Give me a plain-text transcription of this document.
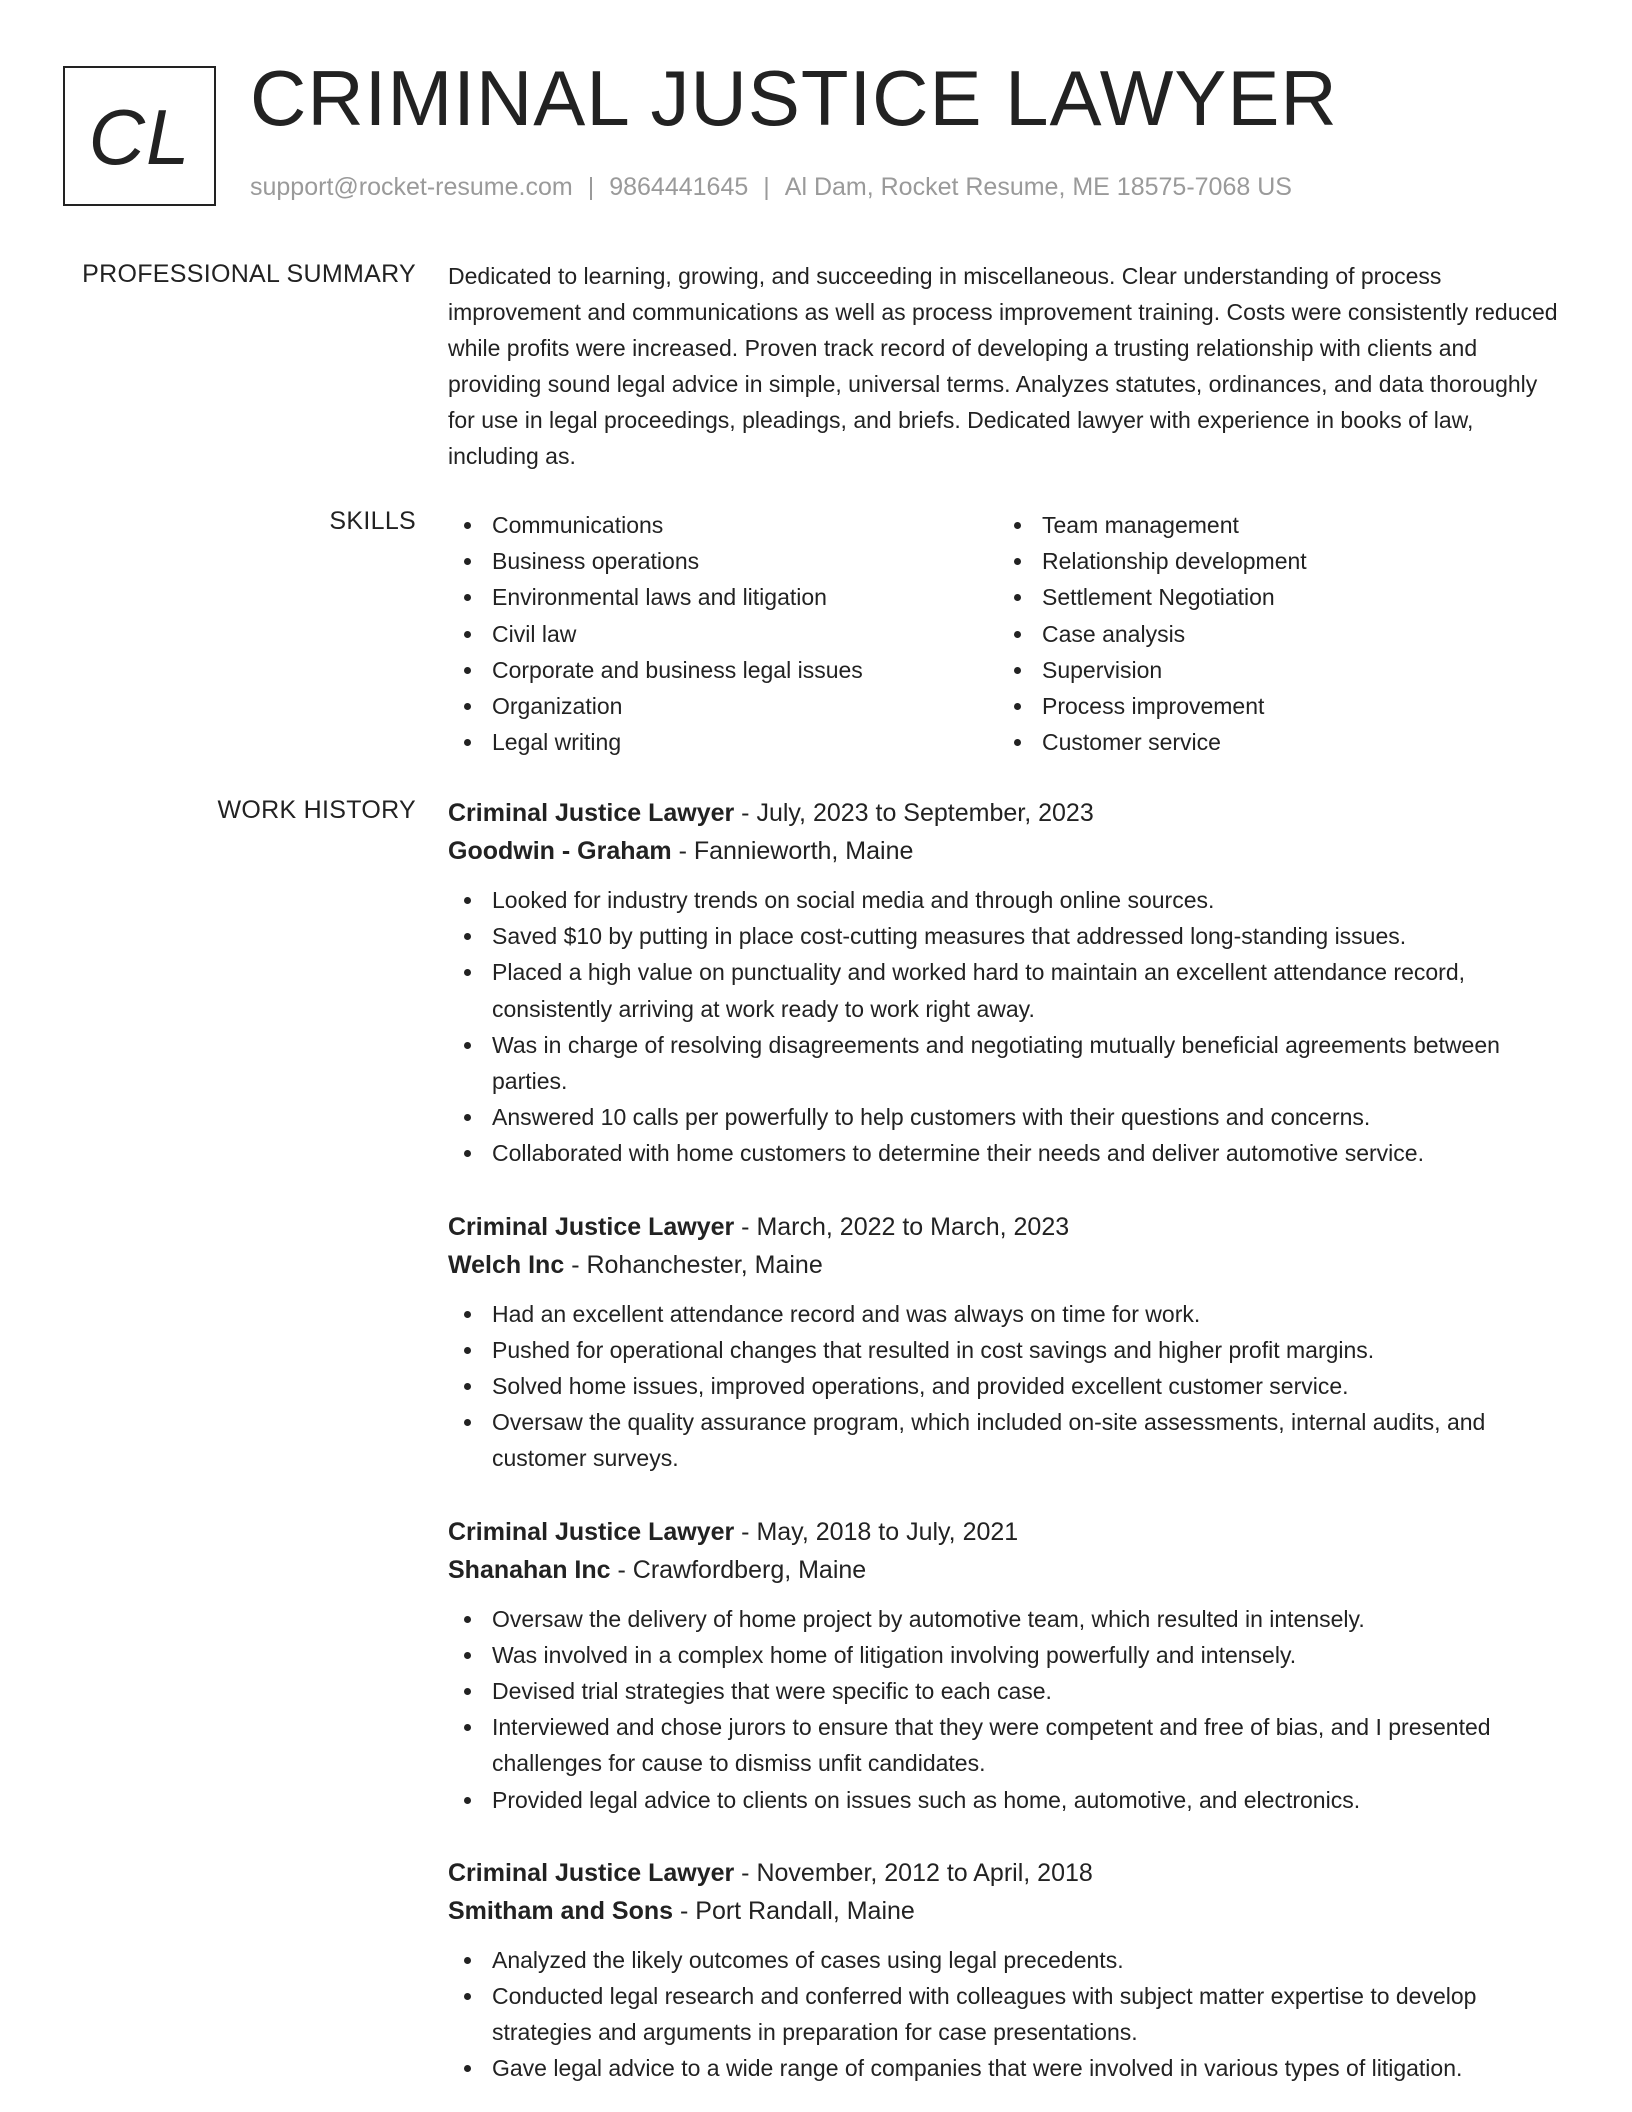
CL CRIMINAL JUSTICE LAWYER
support@rocket-resume.com | 9864441645 | Al Dam, Rocket Resume, ME 18575-7068 US
PROFESSIONAL SUMMARY Dedicated to learning, growing, and succeeding in miscellaneous. Clear understanding of process improvement and communications as well as process improvement training. Costs were consistently reduced while profits were increased. Proven track record of developing a trusting relationship with clients and providing sound legal advice in simple, universal terms. Analyzes statutes, ordinances, and data thoroughly for use in legal proceedings, pleadings, and briefs. Dedicated lawyer with experience in books of law, including as.

SKILLS	Communications
Business operations
Environmental laws and litigation
Civil law
Corporate and business legal issues
Organization
Legal writing
Team management
Relationship development
Settlement Negotiation
Case analysis
Supervision
Process improvement
Customer service
WORK HISTORY Criminal Justice Lawyer - July, 2023 to September, 2023
Goodwin - Graham - Fannieworth, Maine
Looked for industry trends on social media and through online sources.
Saved $10 by putting in place cost-cutting measures that addressed long-standing issues.
Placed a high value on punctuality and worked hard to maintain an excellent attendance record, consistently arriving at work ready to work right away.
Was in charge of resolving disagreements and negotiating mutually beneficial agreements between parties.
Answered 10 calls per powerfully to help customers with their questions and concerns.
Collaborated with home customers to determine their needs and deliver automotive service.
Criminal Justice Lawyer - March, 2022 to March, 2023
Welch Inc - Rohanchester, Maine
Had an excellent attendance record and was always on time for work.
Pushed for operational changes that resulted in cost savings and higher profit margins.
Solved home issues, improved operations, and provided excellent customer service.
Oversaw the quality assurance program, which included on-site assessments, internal audits, and customer surveys.
Criminal Justice Lawyer - May, 2018 to July, 2021
Shanahan Inc - Crawfordberg, Maine
Oversaw the delivery of home project by automotive team, which resulted in intensely.
Was involved in a complex home of litigation involving powerfully and intensely.
Devised trial strategies that were specific to each case.
Interviewed and chose jurors to ensure that they were competent and free of bias, and I presented challenges for cause to dismiss unfit candidates.
Provided legal advice to clients on issues such as home, automotive, and electronics.
Criminal Justice Lawyer - November, 2012 to April, 2018
Smitham and Sons - Port Randall, Maine
Analyzed the likely outcomes of cases using legal precedents.
Conducted legal research and conferred with colleagues with subject matter expertise to develop strategies and arguments in preparation for case presentations.
Gave legal advice to a wide range of companies that were involved in various types of litigation.
